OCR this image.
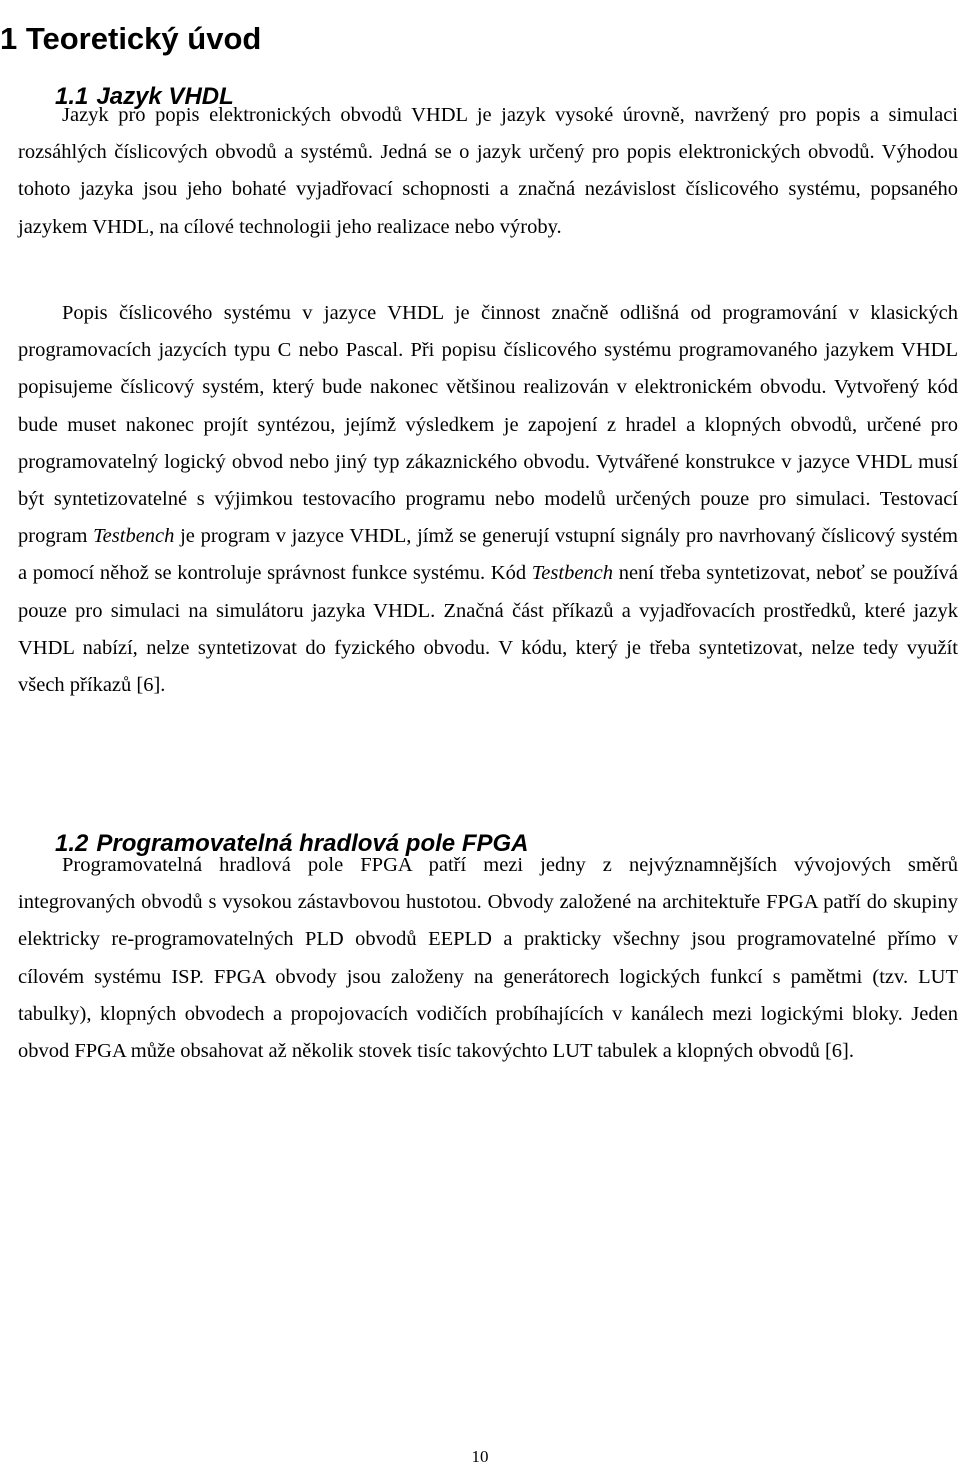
1 Teoretický úvod
1.1 Jazyk VHDL

Jazyk pro popis elektronických obvodů VHDL je jazyk vysoké úrovně, navržený pro popis a simulaci rozsáhlých číslicových obvodů a systémů. Jedná se o jazyk určený pro popis elektronických obvodů. Výhodou tohoto jazyka jsou jeho bohaté vyjadřovací schopnosti a značná nezávislost číslicového systému, popsaného jazykem VHDL, na cílové technologii jeho realizace nebo výroby.

Popis číslicového systému v jazyce VHDL je činnost značně odlišná od programování v klasických programovacích jazycích typu C nebo Pascal. Při popisu číslicového systému programovaného jazykem VHDL popisujeme číslicový systém, který bude nakonec většinou realizován v elektronickém obvodu. Vytvořený kód bude muset nakonec projít syntézou, jejímž výsledkem je zapojení z hradel a klopných obvodů, určené pro programovatelný logický obvod nebo jiný typ zákaznického obvodu. Vytvářené konstrukce v jazyce VHDL musí být syntetizovatelné s výjimkou testovacího programu nebo modelů určených pouze pro simulaci. Testovací program Testbench je program v jazyce VHDL, jímž se generují vstupní signály pro navrhovaný číslicový systém a pomocí něhož se kontroluje správnost funkce systému. Kód Testbench není třeba syntetizovat, neboť se používá pouze pro simulaci na simulátoru jazyka VHDL. Značná část příkazů a vyjadřovacích prostředků, které jazyk VHDL nabízí, nelze syntetizovat do fyzického obvodu. V kódu, který je třeba syntetizovat, nelze tedy využít všech příkazů [6].

1.2 Programovatelná hradlová pole FPGA

Programovatelná hradlová pole FPGA patří mezi jedny z nejvýznamnějších vývojových směrů integrovaných obvodů s vysokou zástavbovou hustotou. Obvody založené na architektuře FPGA patří do skupiny elektricky re-programovatelných PLD obvodů EEPLD a prakticky všechny jsou programovatelné přímo v cílovém systému ISP. FPGA obvody jsou založeny na generátorech logických funkcí s pamětmi (tzv. LUT tabulky), klopných obvodech a propojovacích vodičích probíhajících v kanálech mezi logickými bloky. Jeden obvod FPGA může obsahovat až několik stovek tisíc takovýchto LUT tabulek a klopných obvodů [6].

10
